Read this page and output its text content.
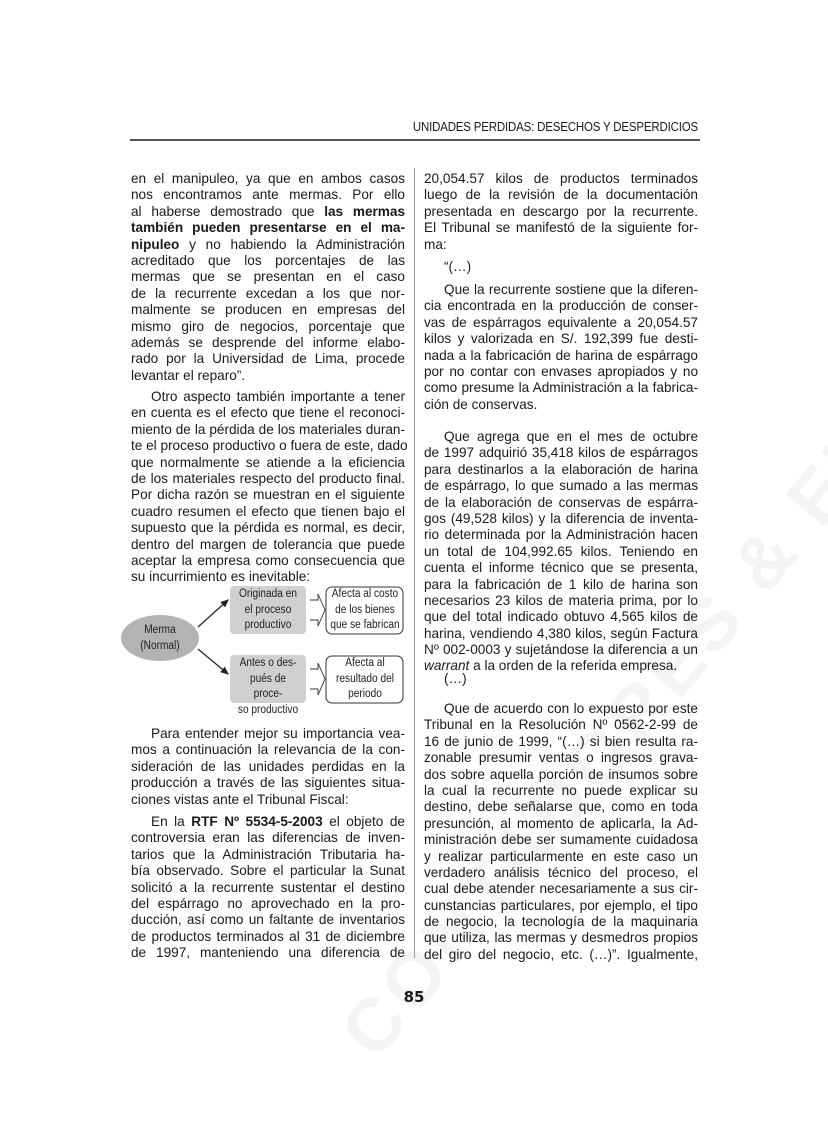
UNIDADES PERDIDAS: DESECHOS Y DESPERDICIOS
en el manipuleo, ya que en ambos casos
nos encontramos ante mermas. Por ello
al haberse demostrado que las mermas
también pueden presentarse en el ma-
nipuleo y no habiendo la Administración
acreditado que los porcentajes de las
mermas que se presentan en el caso
de la recurrente excedan a los que nor-
malmente se producen en empresas del
mismo giro de negocios, porcentaje que
además se desprende del informe elabo-
rado por la Universidad de Lima, procede
levantar el reparo”.
Otro aspecto también importante a tener
en cuenta es el efecto que tiene el reconoci-
miento de la pérdida de los materiales duran-
te el proceso productivo o fuera de este, dado
que normalmente se atiende a la eficiencia
de los materiales respecto del producto final.
Por dicha razón se muestran en el siguiente
cuadro resumen el efecto que tienen bajo el
supuesto que la pérdida es normal, es decir,
dentro del margen de tolerancia que puede
aceptar la empresa como consecuencia que
su incurrimiento es inevitable:
Para entender mejor su importancia vea-
mos a continuación la relevancia de la con-
sideración de las unidades perdidas en la
producción a través de las siguientes situa-
ciones vistas ante el Tribunal Fiscal:
En la RTF Nº 5534-5-2003 el objeto de
controversia eran las diferencias de inven-
tarios que la Administración Tributaria ha-
bía observado. Sobre el particular la Sunat
solicitó a la recurrente sustentar el destino
del espárrago no aprovechado en la pro-
ducción, así como un faltante de inventarios
de productos terminados al 31 de diciembre
de 1997, manteniendo una diferencia de
20,054.57 kilos de productos terminados
luego de la revisión de la documentación
presentada en descargo por la recurrente.
El Tribunal se manifestó de la siguiente for-
ma:
“(…)
Que la recurrente sostiene que la diferen-
cia encontrada en la producción de conser-
vas de espárragos equivalente a 20,054.57
kilos y valorizada en S/. 192,399 fue desti-
nada a la fabricación de harina de espárrago
por no contar con envases apropiados y no
como presume la Administración a la fabrica-
ción de conservas.
Que agrega que en el mes de octubre
de 1997 adquirió 35,418 kilos de espárragos
para destinarlos a la elaboración de harina
de espárrago, lo que sumado a las mermas
de la elaboración de conservas de espárra-
gos (49,528 kilos) y la diferencia de inventa-
rio determinada por la Administración hacen
un total de 104,992.65 kilos. Teniendo en
cuenta el informe técnico que se presenta,
para la fabricación de 1 kilo de harina son
necesarios 23 kilos de materia prima, por lo
que del total indicado obtuvo 4,565 kilos de
harina, vendiendo 4,380 kilos, según Factura
Nº 002-0003 y sujetándose la diferencia a un
warrant a la orden de la referida empresa.
(…)
Que de acuerdo con lo expuesto por este
Tribunal en la Resolución Nº 0562-2-99 de
16 de junio de 1999, “(…) si bien resulta ra-
zonable presumir ventas o ingresos grava-
dos sobre aquella porción de insumos sobre
la cual la recurrente no puede explicar su
destino, debe señalarse que, como en toda
presunción, al momento de aplicarla, la Ad-
ministración debe ser sumamente cuidadosa
y realizar particularmente en este caso un
verdadero análisis técnico del proceso, el
cual debe atender necesariamente a sus cir-
cunstancias particulares, por ejemplo, el tipo
de negocio, la tecnología de la maquinaria
que utiliza, las mermas y desmedros propios
del giro del negocio, etc. (…)”. Igualmente,
Merma
(Normal)
Originada en
el proceso
productivo
Afecta al costo
de los bienes
que se fabrican
Antes o des-
pués de proce-
so productivo
Afecta al
resultado del
periodo
85
